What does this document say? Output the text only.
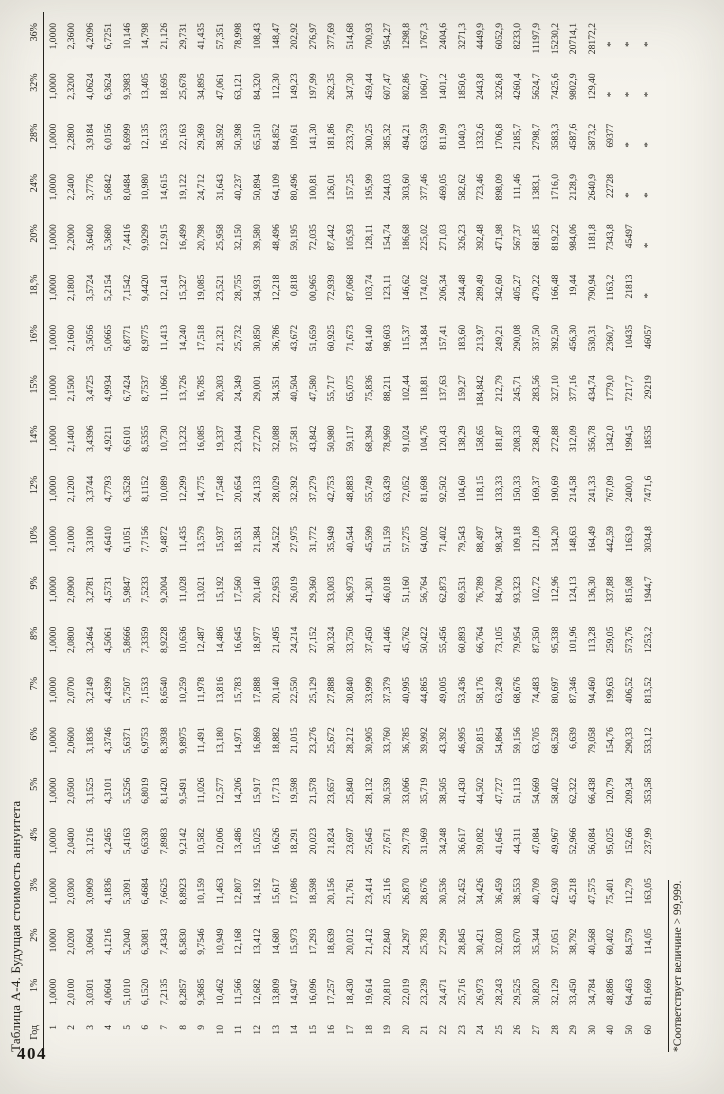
Таблица А-4. Будущая стоимость аннуитета Год	1%	2%	3%	4%	5%	6%	7%	8%	9%	10%	12%	14%	15%	16%	18,%	20%	24%	28%	32%	36%
1	1,0000	10000	1,0000	1,0000	1,0000	1,0000	1,0000	1,0000	1,0000	1,0000	1,0000	1,0000	1,0000	1,0000	1,0000	1,0000	1,0000	1,0000	1,0000	1,0000
2	2,0100	2,0200	2,0300	2,0400	2,0500	2,0600	2,0700	2,0800	2,0900	2,1000	2,1200	2,1400	2,1500	2,1600	2,1800	2,2000	2,2400	2,2800	2,3200	2,3600
3	3,0301	3,0604	3,0909	3,1216	3,1525	3,1836	3,2149	3,2464	3,2781	3,3100	3,3744	3,4396	3,4725	3,5056	3,5724	3,6400	3,7776	3,9184	4,0624	4,2096
4	4,0604	4,1216	4,1836	4,2465	4,3101	4,3746	4,4399	4,5061	4,5731	4,6410	4,7793	4,9211	4,9934	5,0665	5,2154	5,3680	5,6842	6,0156	6,3624	6,7251
5	5,1010	5,2040	5,3091	5,4163	5,5256	5,6371	5,7507	5,8666	5,9847	6,1051	6,3528	6,6101	6,7424	6,8771	7,1542	7,4416	8,0484	8,6999	9,3983	10,146
6	6,1520	6,3081	6,4684	6,6330	6,8019	6,9753	7,1533	7,3359	7,5233	7,7156	8,1152	8,5355	8,7537	8,9775	9,4420	9,9299	10,980	12,135	13,405	14,798
7	7,2135	7,4343	7,6625	7,8983	8,1420	8,3938	8,6540	8,9228	9,2004	9,4872	10,089	10,730	11,066	11,413	12,141	12,915	14,615	16,533	18,695	21,126
8	8,2857	8,5830	8,8923	9,2142	9,5491	9,8975	10,259	10,636	11,028	11,435	12,299	13,232	13,726	14,240	15,327	16,499	19,122	22,163	25,678	29,731
9	9,3685	9,7546	10,159	10,582	11,026	11,491	11,978	12,487	13,021	13,579	14,775	16,085	16,785	17,518	19,085	20,798	24,712	29,369	34,895	41,435
10	10,462	10,949	11,463	12,006	12,577	13,180	13,816	14,486	15,192	15,937	17,548	19,337	20,303	21,321	23,521	25,958	31,643	38,592	47,061	57,351
11	11,566	12,168	12,807	13,486	14,206	14,971	15,783	16,645	17,560	18,531	20,654	23,044	24,349	25,732	28,755	32,150	40,237	50,398	63,121	78,998
12	12,682	13,412	14,192	15,025	15,917	16,869	17,888	18,977	20,140	21,384	24,133	27,270	29,001	30,850	34,931	39,580	50,894	65,510	84,320	108,43
13	13,809	14,680	15,617	16,626	17,713	18,882	20,140	21,495	22,953	24,522	28,029	32,088	34,351	36,786	12,218	48,496	64,109	84,852	112,30	148,47
14	14,947	15,973	17,086	18,291	19,598	21,015	22,550	24,214	26,019	27,975	32,392	37,581	40,504	43,672	0,818	59,195	80,496	109,61	149,23	202,92
15	16,096	17,293	18,598	20,023	21,578	23,276	25,129	27,152	29,360	31,772	37,279	43,842	47,580	51,659	00,965	72,035	100,81	141,30	197,99	276,97
16	17,257	18,639	20,156	21,824	23,657	25,672	27,888	30,324	33,003	35,949	42,753	50,980	55,717	60,925	72,939	87,442	126,01	181,86	262,35	377,69
17	18,430	20,012	21,761	23,697	25,840	28,212	30,840	33,750	36,973	40,544	48,883	59,117	65,075	71,673	87,068	105,93	157,25	233,79	347,30	514,68
18	19,614	21,412	23,414	25,645	28,132	30,905	33,999	37,450	41,301	45,599	55,749	68,394	75,836	84,140	103,74	128,11	195,99	300,25	459,44	700,93
19	20,810	22,840	25,116	27,671	30,539	33,760	37,379	41,446	46,018	51,159	63,439	78,969	88,211	98,603	123,11	154,74	244,03	385,32	607,47	954,27
20	22,019	24,297	26,870	29,778	33,066	36,785	40,995	45,762	51,160	57,275	72,052	91,024	102,44	115,37	146,62	186,68	303,60	494,21	802,86	1298,8
21	23,239	25,783	28,676	31,969	35,719	39,992	44,865	50,422	56,764	64,002	81,698	104,76	118,81	134,84	174,02	225,02	377,46	633,59	1060,7	1767,3
22	24,471	27,299	30,536	34,248	38,505	43,392	49,005	55,456	62,873	71,402	92,502	120,43	137,63	157,41	206,34	271,03	469,05	811,99	1401,2	2404,6
23	25,716	28,845	32,452	36,617	41,430	46,995	53,436	60,893	69,531	79,543	104,60	138,29	159,27	183,60	244,48	326,23	582,62	1040,3	1850,6	3271,3
24	26,973	30,421	34,426	39,082	44,502	50,815	58,176	66,764	76,789	88,497	118,15	158,65	184,842	213,97	289,49	392,48	723,46	1332,6	2443,8	4449,9
25	28,243	32,030	36,459	41,645	47,727	54,864	63,249	73,105	84,700	98,347	133,33	181,87	212,79	249,21	342,60	471,98	898,09	1706,8	3226,8	6052,9
26	29,525	33,670	38,553	44,311	51,113	59,156	68,676	79,954	93,323	109,18	150,33	208,33	245,71	290,08	405,27	567,37	111,46	2185,7	4260,4	8233,0
27	30,820	35,344	40,709	47,084	54,669	63,705	74,483	87,350	102,72	121,09	169,37	238,49	283,56	337,50	479,22	681,85	1383,1	2798,7	5624,7	11197,9
28	32,129	37,051	42,930	49,967	58,402	68,528	80,697	95,338	112,96	134,20	190,69	272,88	327,10	392,50	166,48	819,22	1716,0	3583,3	7425,6	15230,2
29	33,450	38,792	45,218	52,966	62,322	6,639	87,346	101,96	124,13	148,63	214,58	312,09	377,16	456,30	19,44	984,06	2128,9	4587,6	9802,9	20714,1
30	34,784	40,568	47,575	56,084	66,438	79,058	94,460	113,28	136,30	164,49	241,33	356,78	434,74	530,31	790,94	1181,8	2640,9	5873,2	129,40	28172,2
40	48,886	60,402	75,401	95,025	120,79	154,76	199,63	259,05	337,88	442,59	767,09	1342,0	1779,0	2360,7	1163,2	7343,8	22728	69377	*	*
50	64,463	84,579	112,79	152,66	209,34	290,33	406,52	573,76	815,08	1163,9	2400,0	1994,5	7217,7	10435	21813	45497	*	*	*	*
60	81,669	114,05	163,05	237,99	353,58	533,12	813,52	1253,2	1944,7	3034,8	7471,6	18535	29219	46057	*	*	*	*	*	*
*Соответствует величине > 99,999.
404
